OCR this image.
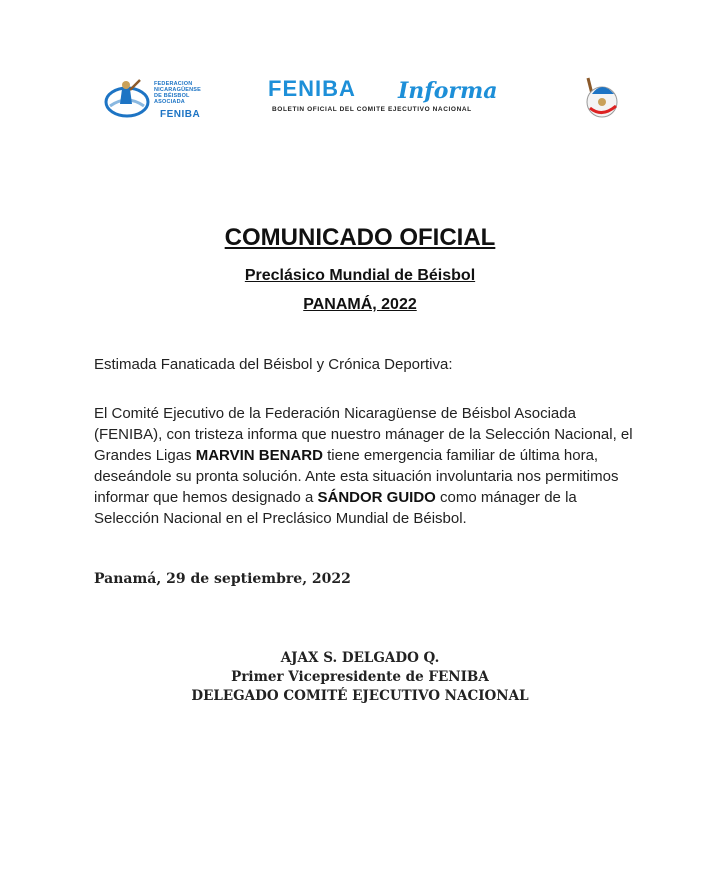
FEDERACION
NICARAGÜENSE
DE BÉISBOL
ASOCIADA
FENIBA
FENIBA Informa
BOLETIN OFICIAL DEL COMITE EJECUTIVO NACIONAL
COMUNICADO OFICIAL
Preclásico Mundial de Béisbol
PANAMÁ, 2022
Estimada Fanaticada del Béisbol y Crónica Deportiva:
El Comité Ejecutivo de la Federación Nicaragüense de Béisbol Asociada (FENIBA), con tristeza informa que nuestro mánager de la Selección Nacional, el Grandes Ligas MARVIN BENARD tiene emergencia familiar de última hora, deseándole su pronta solución. Ante esta situación involuntaria nos permitimos informar que hemos designado a SÁNDOR GUIDO como mánager de la Selección Nacional en el Preclásico Mundial de Béisbol.
Panamá, 29 de septiembre, 2022
AJAX S. DELGADO Q.
Primer Vicepresidente de FENIBA
DELEGADO COMITÉ EJECUTIVO NACIONAL
